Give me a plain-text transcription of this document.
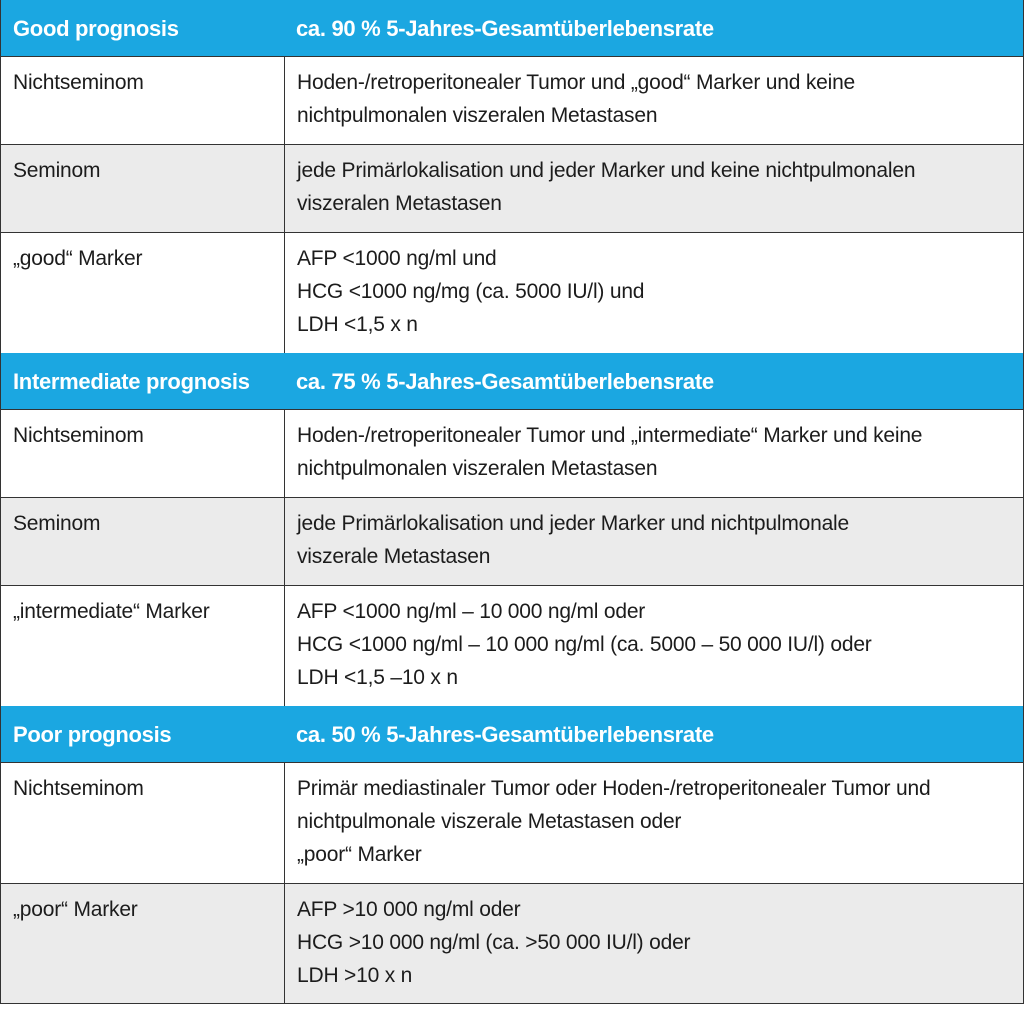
Good prognosis	ca. 90 % 5-Jahres-Gesamtüberlebensrate
Nichtseminom	Hoden-/retroperitonealer Tumor und „good“ Marker und keine
nichtpulmonalen viszeralen Metastasen
Seminom	jede Primärlokalisation und jeder Marker und keine nichtpulmonalen
viszeralen Metastasen
„good“ Marker	AFP <1000 ng/ml und
HCG <1000 ng/mg (ca. 5000 IU/l) und
LDH <1,5 x n
Intermediate prognosis	ca. 75 % 5-Jahres-Gesamtüberlebensrate
Nichtseminom	Hoden-/retroperitonealer Tumor und „intermediate“ Marker und keine
nichtpulmonalen viszeralen Metastasen
Seminom	jede Primärlokalisation und jeder Marker und nichtpulmonale
viszerale Metastasen
„intermediate“ Marker	AFP <1000 ng/ml – 10 000 ng/ml oder
HCG <1000 ng/ml – 10 000 ng/ml (ca. 5000 – 50 000 IU/l) oder
LDH <1,5 –10 x n
Poor prognosis	ca. 50 % 5-Jahres-Gesamtüberlebensrate
Nichtseminom	Primär mediastinaler Tumor oder Hoden-/retroperitonealer Tumor und
nichtpulmonale viszerale Metastasen oder
„poor“ Marker
„poor“ Marker	AFP >10 000 ng/ml oder
HCG >10 000 ng/ml (ca. >50 000 IU/l) oder
LDH >10 x n
